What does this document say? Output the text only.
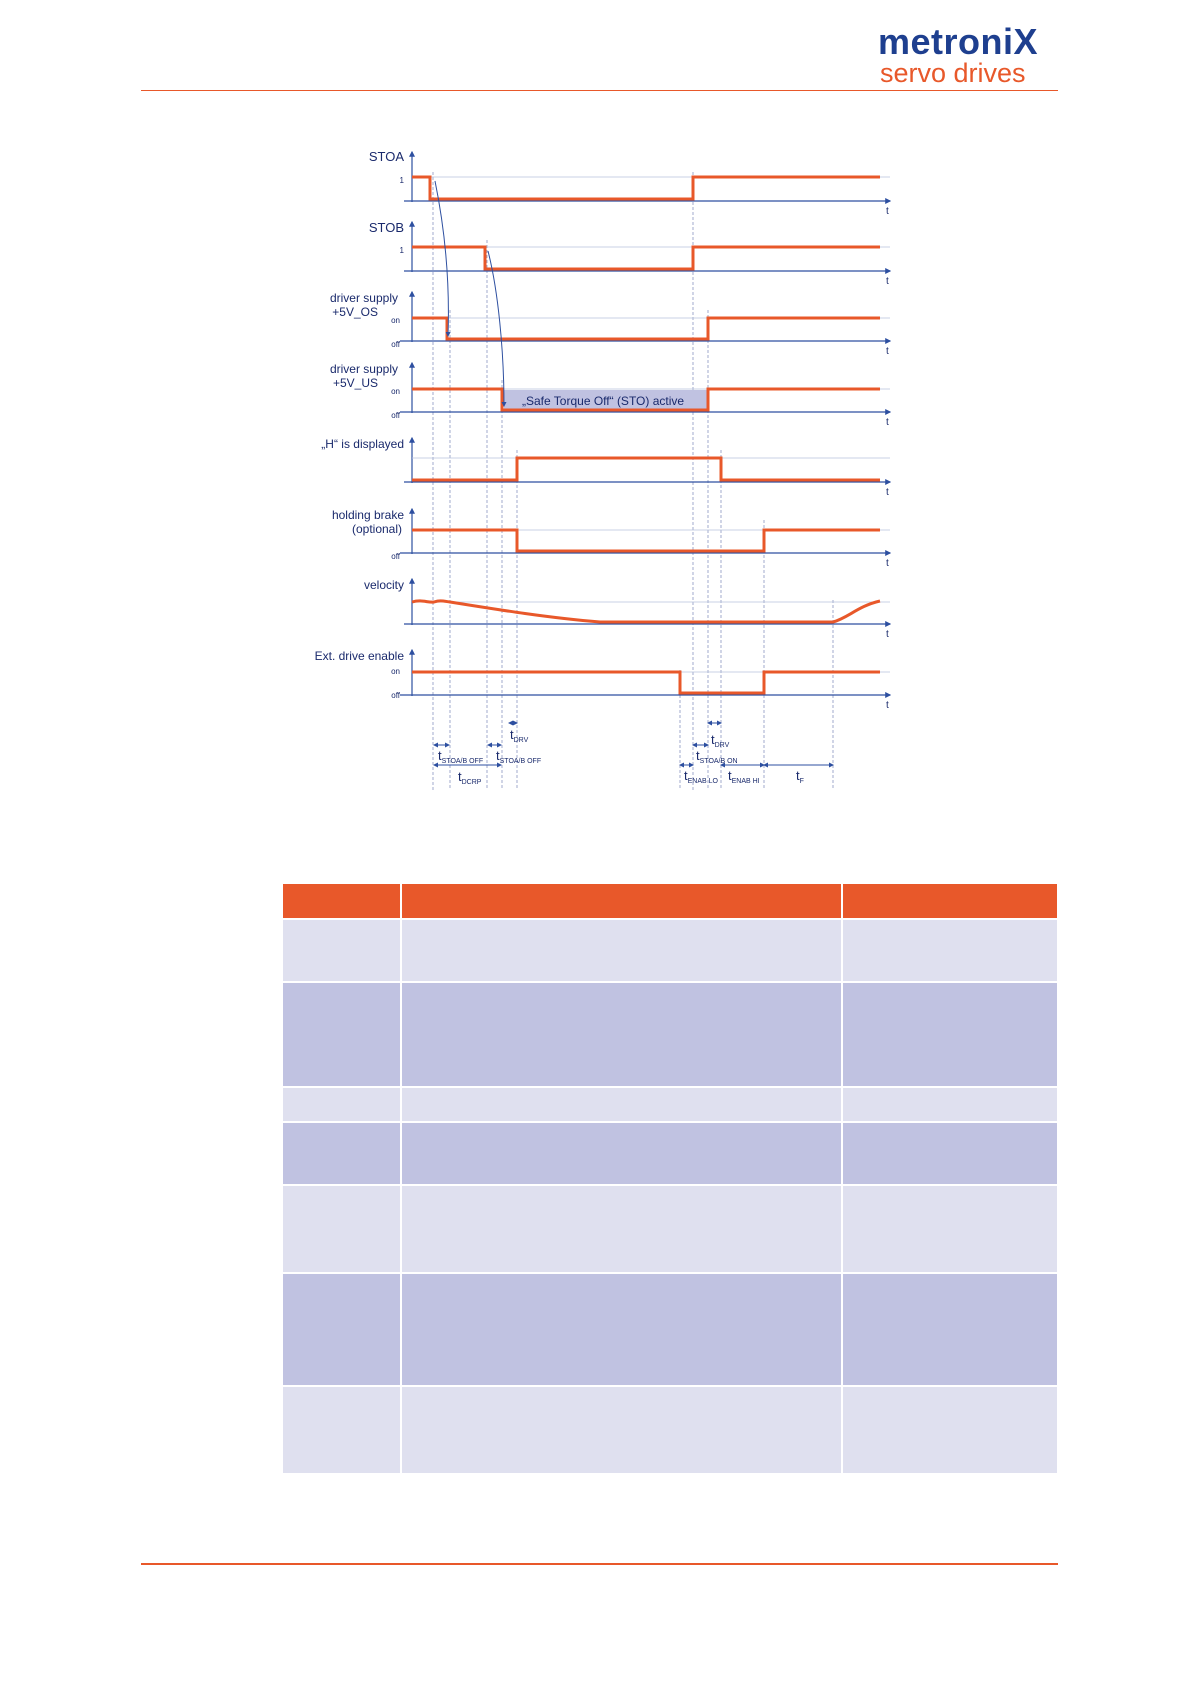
metroniX
servo drives
STOA
1
t
STOB
1
t
driver supply
+5V_OS
on
off
t
driver supply
+5V_US
on
off
„Safe Torque Off“ (STO) active
t
„H“ is displayed
t
holding brake
(optional)
off
t
velocity
t
Ext. drive enable
on
off
t
$t_{DRV}$
$t_{STOA/B OFF}$ $t_{STOA/B OFF}$
$t_{DCRP}$
$t_{DRV}$
$t_{STOA/B ON}$
$t_{ENAB LO}$ $t_{ENAB HI}$	$t_F$
